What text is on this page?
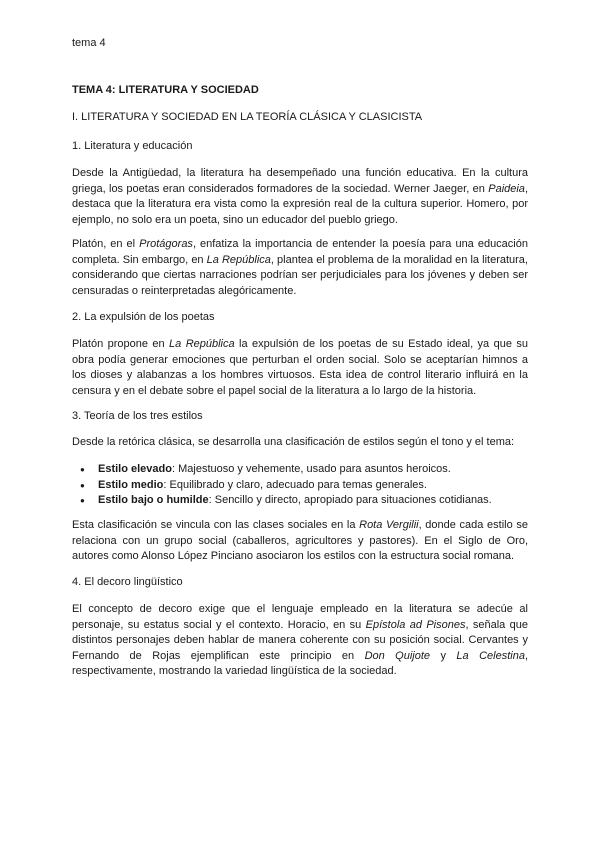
tema 4
TEMA 4: LITERATURA Y SOCIEDAD
I. LITERATURA Y SOCIEDAD EN LA TEORÍA CLÁSICA Y CLASICISTA
1. Literatura y educación

Desde la Antigüedad, la literatura ha desempeñado una función educativa. En la cultura griega, los poetas eran considerados formadores de la sociedad. Werner Jaeger, en Paideia, destaca que la literatura era vista como la expresión real de la cultura superior. Homero, por ejemplo, no solo era un poeta, sino un educador del pueblo griego.

Platón, en el Protágoras, enfatiza la importancia de entender la poesía para una educación completa. Sin embargo, en La República, plantea el problema de la moralidad en la literatura, considerando que ciertas narraciones podrían ser perjudiciales para los jóvenes y deben ser censuradas o reinterpretadas alegóricamente.

2. La expulsión de los poetas

Platón propone en La República la expulsión de los poetas de su Estado ideal, ya que su obra podía generar emociones que perturban el orden social. Solo se aceptarían himnos a los dioses y alabanzas a los hombres virtuosos. Esta idea de control literario influirá en la censura y en el debate sobre el papel social de la literatura a lo largo de la historia.

3. Teoría de los tres estilos

Desde la retórica clásica, se desarrolla una clasificación de estilos según el tono y el tema:

● Estilo elevado: Majestuoso y vehemente, usado para asuntos heroicos.
● Estilo medio: Equilibrado y claro, adecuado para temas generales.
● Estilo bajo o humilde: Sencillo y directo, apropiado para situaciones cotidianas.

Esta clasificación se vincula con las clases sociales en la Rota Vergilii, donde cada estilo se relaciona con un grupo social (caballeros, agricultores y pastores). En el Siglo de Oro, autores como Alonso López Pinciano asociaron los estilos con la estructura social romana.

4. El decoro lingüístico

El concepto de decoro exige que el lenguaje empleado en la literatura se adecúe al personaje, su estatus social y el contexto. Horacio, en su Epístola ad Pisones, señala que distintos personajes deben hablar de manera coherente con su posición social. Cervantes y Fernando de Rojas ejemplifican este principio en Don Quijote y La Celestina, respectivamente, mostrando la variedad lingüística de la sociedad.
